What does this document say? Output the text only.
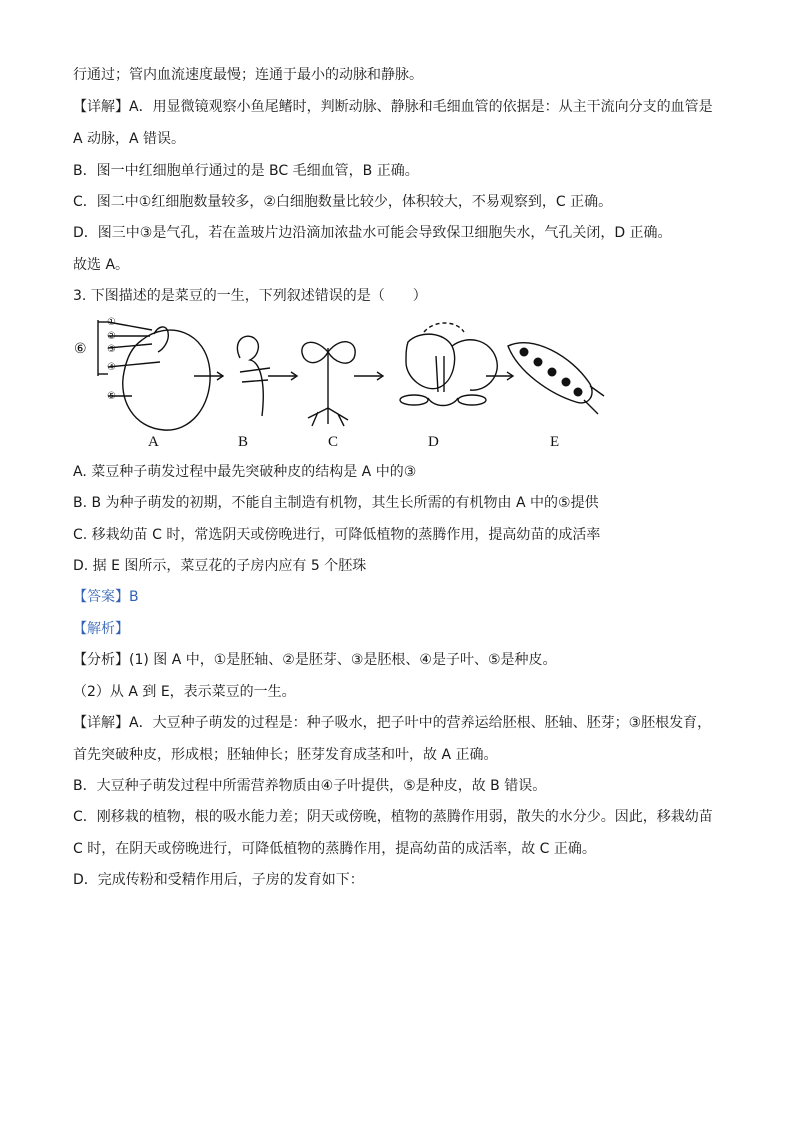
行通过；管内血流速度最慢；连通于最小的动脉和静脉。
【详解】A．用显微镜观察小鱼尾鳍时，判断动脉、静脉和毛细血管的依据是：从主干流向分支的血管是
A 动脉，A 错误。
B．图一中红细胞单行通过的是 BC 毛细血管，B 正确。
C．图二中①红细胞数量较多，②白细胞数量比较少，体积较大，不易观察到，C 正确。
D．图三中③是气孔，若在盖玻片边沿滴加浓盐水可能会导致保卫细胞失水，气孔关闭，D 正确。
故选 A。
3. 下图描述的是菜豆的一生，下列叙述错误的是（　　）
①
②
③
④
⑤
⑥
A	B	C	D	E
A. 菜豆种子萌发过程中最先突破种皮的结构是 A 中的③
B. B 为种子萌发的初期，不能自主制造有机物，其生长所需的有机物由 A 中的⑤提供
C. 移栽幼苗 C 时，常选阴天或傍晚进行，可降低植物的蒸腾作用，提高幼苗的成活率
D. 据 E 图所示，菜豆花的子房内应有 5 个胚珠
【答案】B
【解析】
【分析】(1) 图 A 中，①是胚轴、②是胚芽、③是胚根、④是子叶、⑤是种皮。
（2）从 A 到 E，表示菜豆的一生。
【详解】A．大豆种子萌发的过程是：种子吸水，把子叶中的营养运给胚根、胚轴、胚芽；③胚根发育，
首先突破种皮，形成根；胚轴伸长；胚芽发育成茎和叶，故 A 正确。
B．大豆种子萌发过程中所需营养物质由④子叶提供，⑤是种皮，故 B 错误。
C．刚移栽的植物，根的吸水能力差；阴天或傍晚，植物的蒸腾作用弱，散失的水分少。因此，移栽幼苗
C 时，在阴天或傍晚进行，可降低植物的蒸腾作用，提高幼苗的成活率，故 C 正确。
D．完成传粉和受精作用后，子房的发育如下：
